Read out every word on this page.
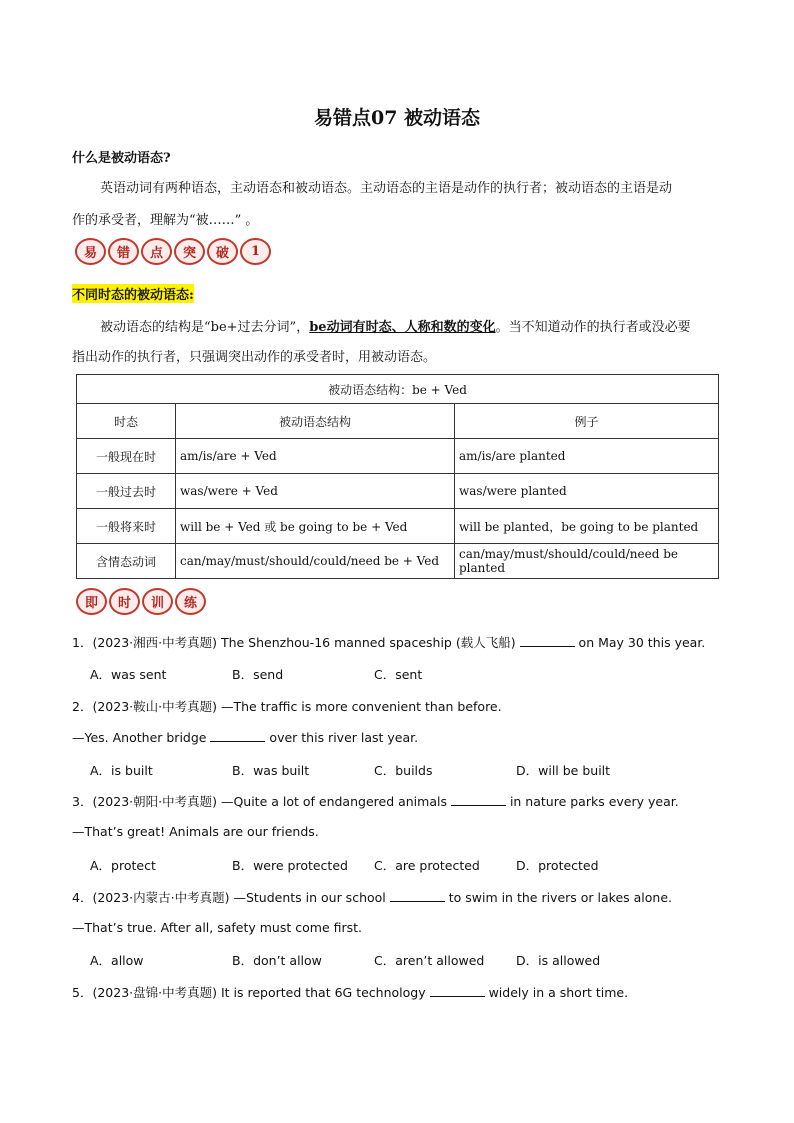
易错点07 被动语态
什么是被动语态?
英语动词有两种语态，主动语态和被动语态。主动语态的主语是动作的执行者；被动语态的主语是动
作的承受者，理解为“被……” 。
易	错	点	突	破	1
不同时态的被动语态:
被动语态的结构是“be+过去分词”，be动词有时态、人称和数的变化。当不知道动作的执行者或没必要
指出动作的执行者，只强调突出动作的承受者时，用被动语态。
被动语态结构：be + Ved		
时态	被动语态结构	例子
一般现在时	am/is/are + Ved	am/is/are planted
一般过去时	was/were + Ved	was/were planted
一般将来时	will be + Ved 或 be going to be + Ved	will be planted，be going to be planted
含情态动词	can/may/must/should/could/need be + Ved	can/may/must/should/could/need be planted
即	时	训	练
1．(2023·湘西·中考真题) The Shenzhou-16 manned spaceship (载人飞船)	on May 30 this year.
A．was sent	B．send	C．sent
2．(2023·鞍山·中考真题) —The traffic is more convenient than before.
—Yes. Another bridge	over this river last year.
A．is built	B．was built	C．builds	D．will be built
3．(2023·朝阳·中考真题) —Quite a lot of endangered animals	in nature parks every year.
—That’s great! Animals are our friends.
A．protect	B．were protected C．are protected	D．protected
4．(2023·内蒙古·中考真题) —Students in our school	to swim in the rivers or lakes alone.
—That’s true. After all, safety must come first.
A．allow	B．don’t allow	C．aren’t allowed	D．is allowed
5．(2023·盘锦·中考真题) It is reported that 6G technology	widely in a short time.
